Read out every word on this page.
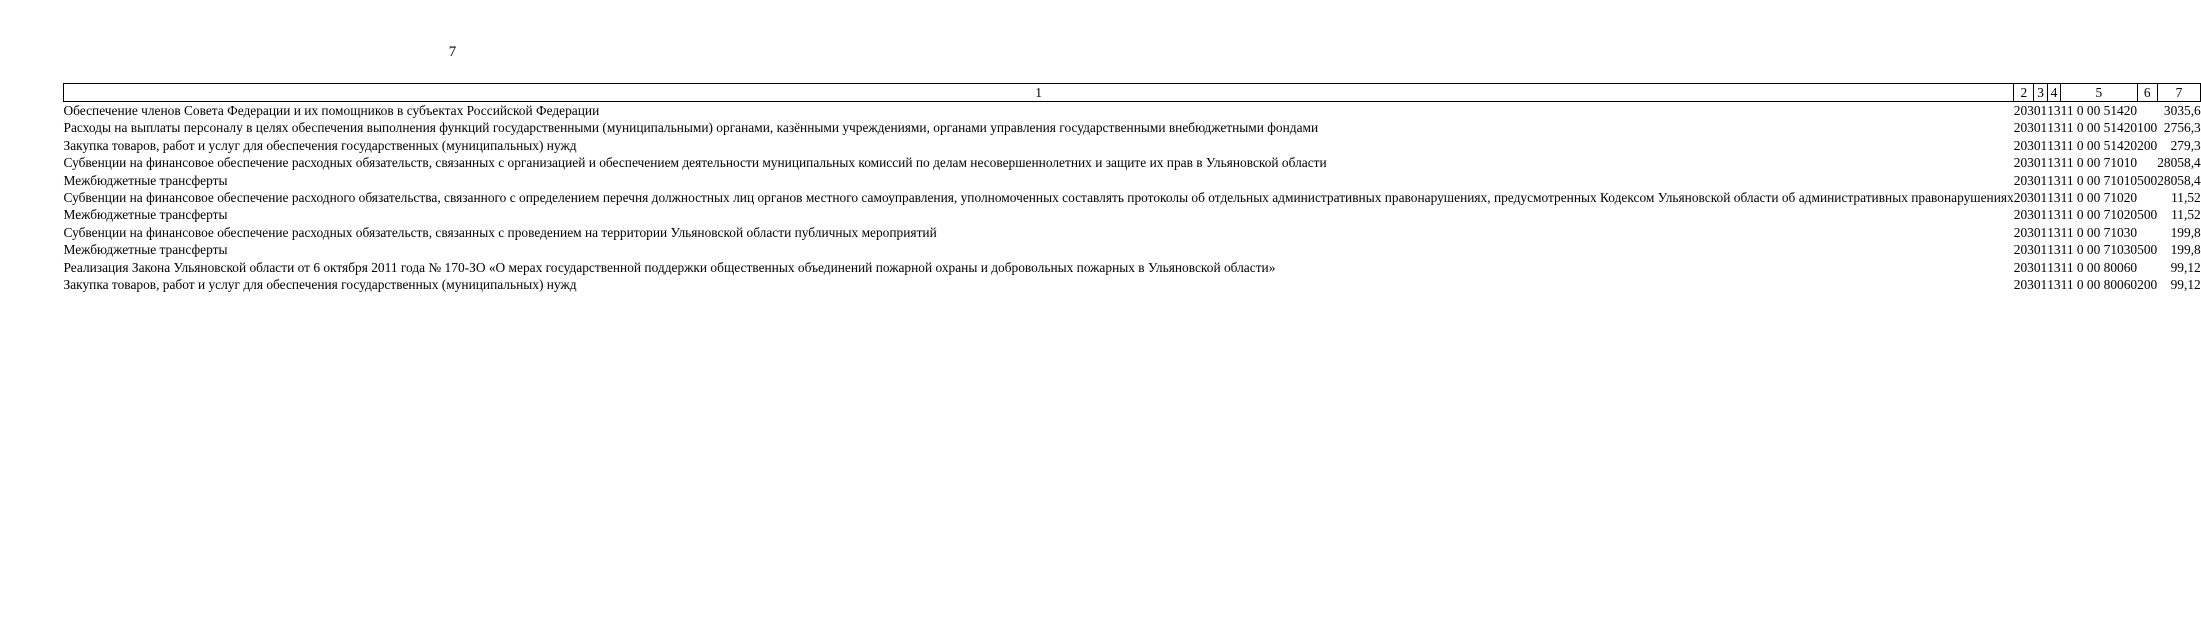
7
1	2	3	4	5	6	7
Обеспечение членов Совета Федерации и их помощников в субъектах Российской Федерации	203	01	13	11 0 00 51420		3035,6
Расходы на выплаты персоналу в целях обеспечения выполнения функций государственными (муниципальными) органами, казёнными учреждениями, органами управления государственными внебюджетными фондами	203	01	13	11 0 00 51420	100	2756,3
Закупка товаров, работ и услуг для обеспечения государственных (муниципальных) нужд	203	01	13	11 0 00 51420	200	279,3
Субвенции на финансовое обеспечение расходных обязательств, связанных с организацией и обеспечением деятельности муниципальных комиссий по делам несовершеннолетних и защите их прав в Ульяновской области	203	01	13	11 0 00 71010		28058,4
Межбюджетные трансферты	203	01	13	11 0 00 71010	500	28058,4
Субвенции на финансовое обеспечение расходного обязательства, связанного с определением перечня должностных лиц органов местного самоуправления, уполномоченных составлять протоколы об отдельных административных правонарушениях, предусмотренных Кодексом Ульяновской области об административных правонарушениях	203	01	13	11 0 00 71020		11,52
Межбюджетные трансферты	203	01	13	11 0 00 71020	500	11,52
Субвенции на финансовое обеспечение расходных обязательств, связанных с проведением на территории Ульяновской области публичных мероприятий	203	01	13	11 0 00 71030		199,8
Межбюджетные трансферты	203	01	13	11 0 00 71030	500	199,8
Реализация Закона Ульяновской области от 6 октября 2011 года № 170-ЗО «О мерах государственной поддержки общественных объединений пожарной охраны и добровольных пожарных в Ульяновской области»	203	01	13	11 0 00 80060		99,12
Закупка товаров, работ и услуг для обеспечения государственных (муниципальных) нужд	203	01	13	11 0 00 80060	200	99,12
